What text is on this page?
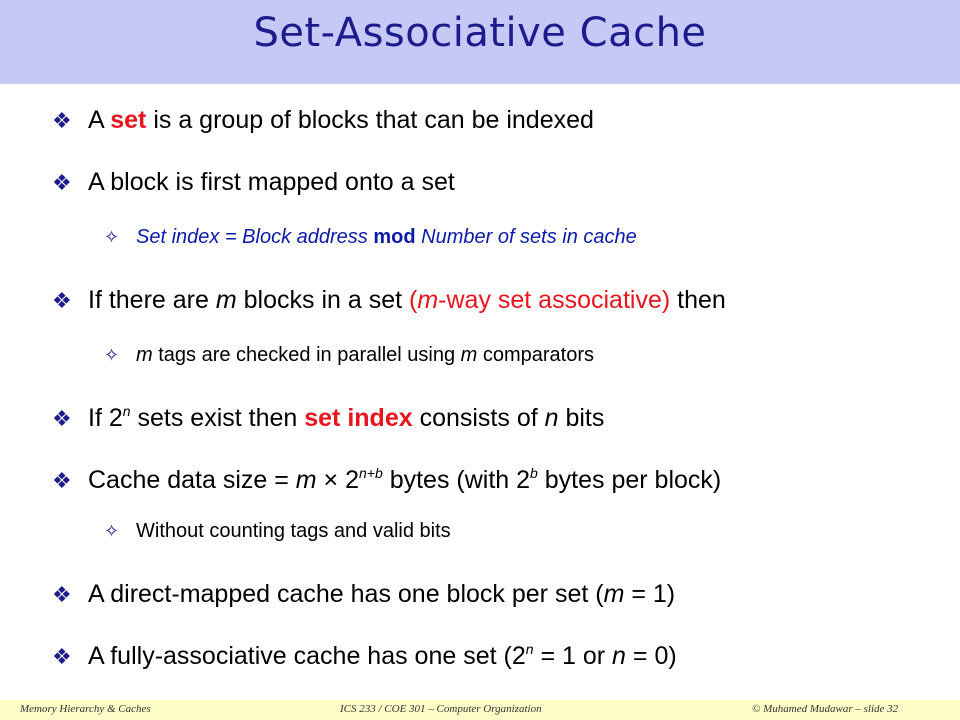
Set-Associative Cache
❖ A set is a group of blocks that can be indexed
❖ A block is first mapped onto a set
✧ Set index = Block address mod Number of sets in cache
❖ If there are m blocks in a set (m-way set associative) then
✧ m tags are checked in parallel using m comparators
❖ If 2$^n$ sets exist then set index consists of n bits
❖ Cache data size = $m \times 2^{n+b}$ bytes (with 2$^b$ bytes per block)
✧ Without counting tags and valid bits
❖ A direct-mapped cache has one block per set (m = 1)
❖ A fully-associative cache has one set ($2^n = 1$ or n = 0)
Memory Hierarchy & Caches	ICS 233 / COE 301 – Computer Organization	© Muhamed Mudawar – slide 32
